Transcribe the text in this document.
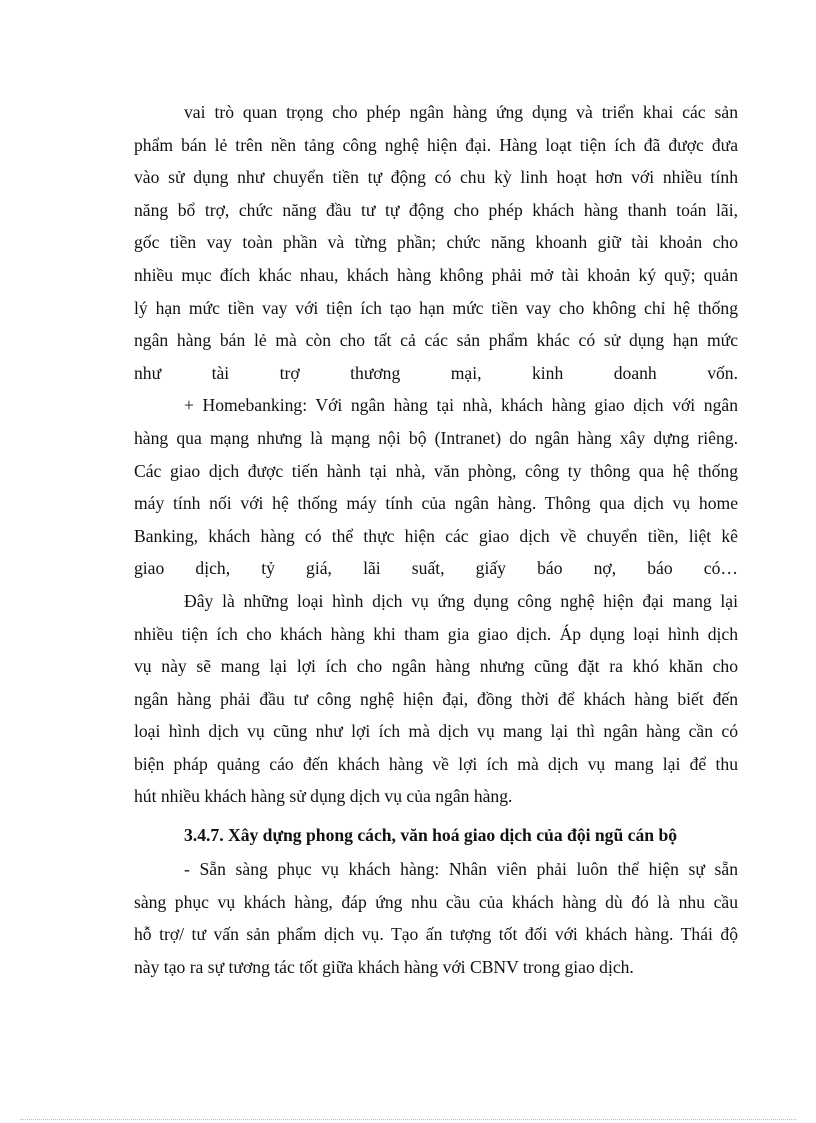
vai trò quan trọng cho phép ngân hàng ứng dụng và triển khai các sản
phẩm bán lẻ trên nền tảng công nghệ hiện đại. Hàng loạt tiện ích đã được đưa
vào sử dụng như chuyển tiền tự động có chu kỳ linh hoạt hơn với nhiều tính
năng bổ trợ, chức năng đầu tư tự động cho phép khách hàng thanh toán lãi,
gốc tiền vay toàn phần và từng phần; chức năng khoanh giữ tài khoản cho
nhiều mục đích khác nhau, khách hàng không phải mở tài khoản ký quỹ; quản
lý hạn mức tiền vay với tiện ích tạo hạn mức tiền vay cho không chỉ hệ thống
ngân hàng bán lẻ mà còn cho tất cả các sản phẩm khác có sử dụng hạn mức
như tài trợ thương mại, kinh doanh vốn.
+ Homebanking: Với ngân hàng tại nhà, khách hàng giao dịch với ngân
hàng qua mạng nhưng là mạng nội bộ (Intranet) do ngân hàng xây dựng riêng.
Các giao dịch được tiến hành tại nhà, văn phòng, công ty thông qua hệ thống
máy tính nối với hệ thống máy tính của ngân hàng. Thông qua dịch vụ home
Banking, khách hàng có thể thực hiện các giao dịch về chuyển tiền, liệt kê
giao dịch, tỷ giá, lãi suất, giấy báo nợ, báo có…
Đây là những loại hình dịch vụ ứng dụng công nghệ hiện đại mang lại
nhiều tiện ích cho khách hàng khi tham gia giao dịch. Áp dụng loại hình dịch
vụ này sẽ mang lại lợi ích cho ngân hàng nhưng cũng đặt ra khó khăn cho
ngân hàng phải đầu tư công nghệ hiện đại, đồng thời để khách hàng biết đến
loại hình dịch vụ cũng như lợi ích mà dịch vụ mang lại thì ngân hàng cần có
biện pháp quảng cáo đến khách hàng về lợi ích mà dịch vụ mang lại để thu
hút nhiều khách hàng sử dụng dịch vụ của ngân hàng.
3.4.7. Xây dựng phong cách, văn hoá giao dịch của đội ngũ cán bộ
- Sẵn sàng phục vụ khách hàng: Nhân viên phải luôn thể hiện sự sẵn
sàng phục vụ khách hàng, đáp ứng nhu cầu của khách hàng dù đó là nhu cầu
hỗ trợ/ tư vấn sản phẩm dịch vụ. Tạo ấn tượng tốt đối với khách hàng. Thái độ
này tạo ra sự tương tác tốt giữa khách hàng với CBNV trong giao dịch.
